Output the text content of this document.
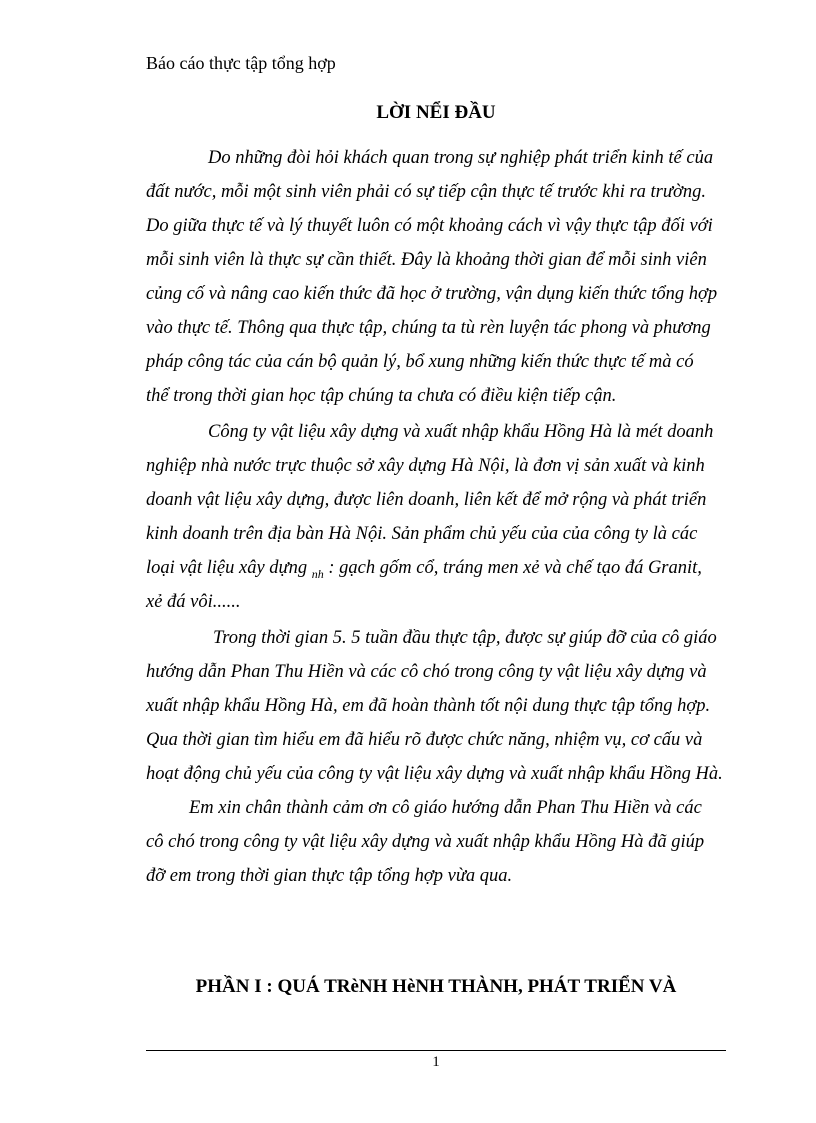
Báo cáo thực tập tổng hợp
LỜI NỂI ĐẦU
Do những đòi hỏi khách quan trong sự nghiệp phát triển kinh tế của
đất nước, mỗi một sinh viên phải có sự tiếp cận thực tế trước khi ra trường.
Do giữa thực tế và lý thuyết luôn có một khoảng cách vì vậy thực tập đối với
mỗi sinh viên là thực sự cần thiết. Đây là khoảng thời gian để mỗi sinh viên
củng cố và nâng cao kiến thức đã học ở trường, vận dụng kiến thức tổng hợp
vào thực tế. Thông qua thực tập, chúng ta tù rèn luyện tác phong và phương
pháp công tác của cán bộ quản lý, bổ xung những kiến thức thực tế mà có
thể trong thời gian học tập chúng ta chưa có điều kiện tiếp cận.
Công ty vật liệu xây dựng và xuất nhập khẩu Hồng Hà là mét doanh
nghiệp nhà nước trực thuộc sở xây dựng Hà Nội, là đơn vị sản xuất và kinh
doanh vật liệu xây dựng, được liên doanh, liên kết để mở rộng và phát triển
kinh doanh trên địa bàn Hà Nội. Sản phẩm chủ yếu của của công ty là các
loại vật liệu xây dựng $_{nh}$ : gạch gốm cổ, tráng men xẻ và chế tạo đá Granit,
xẻ đá vôi......
Trong thời gian 5. 5 tuần đầu thực tập, được sự giúp đỡ của cô giáo
hướng dẫn Phan Thu Hiền và các cô chó trong công ty vật liệu xây dựng và
xuất nhập khẩu Hồng Hà, em đã hoàn thành tốt nội dung thực tập tổng hợp.
Qua thời gian tìm hiểu em đã hiểu rõ được chức năng, nhiệm vụ, cơ cấu và
hoạt động chủ yếu của công ty vật liệu xây dựng và xuất nhập khẩu Hồng Hà.
Em xin chân thành cảm ơn cô giáo hướng dẫn Phan Thu Hiền và các
cô chó trong công ty vật liệu xây dựng và xuất nhập khẩu Hồng Hà đã giúp
đỡ em trong thời gian thực tập tổng hợp vừa qua.
PHẦN I : QUÁ TRèNH HèNH THÀNH, PHÁT TRIỂN VÀ
1
